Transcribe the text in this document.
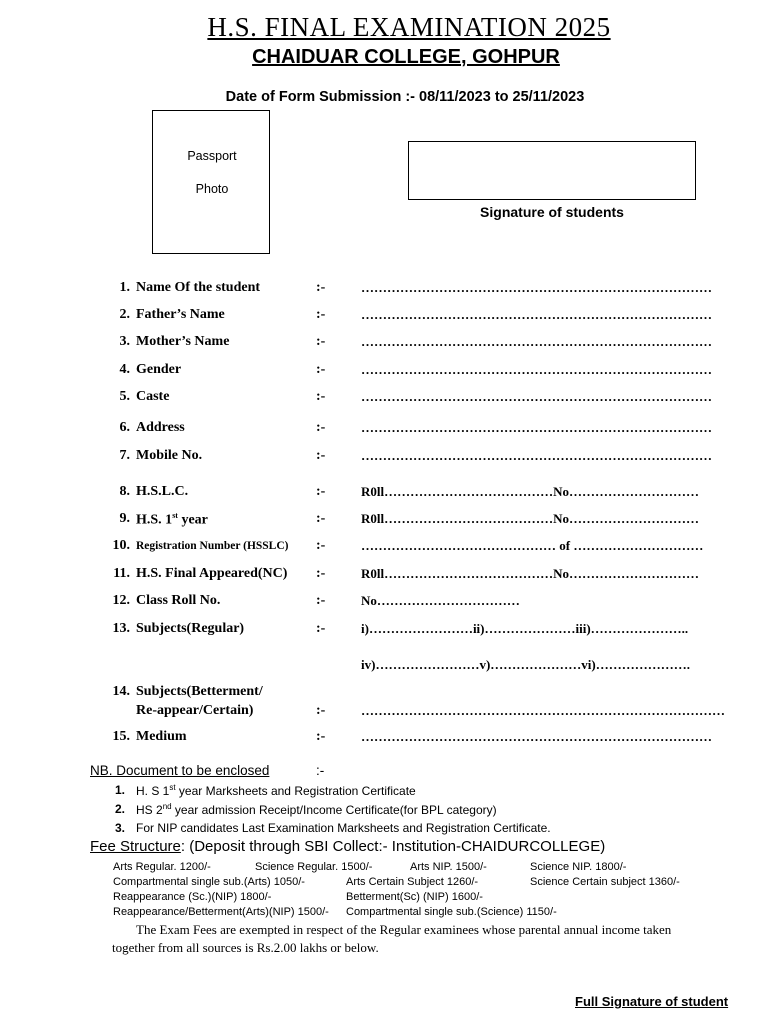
H.S. FINAL EXAMINATION 2025
CHAIDUAR COLLEGE, GOHPUR
Date of Form Submission :- 08/11/2023 to 25/11/2023
Passport
Photo
Signature of students
1. Name Of the student	:-	………………………………………………………………………
2. Father’s Name	:-	………………………………………………………………………
3. Mother’s Name	:-	………………………………………………………………………
4. Gender	:-	………………………………………………………………………
5. Caste	:-	………………………………………………………………………
6. Address	:-	………………………………………………………………………
7. Mobile No.	:-	………………………………………………………………………
8. H.S.L.C.	:-	R0ll…………………………………No…………………………
9. H.S. 1st year	:-	R0ll…………………………………No…………………………
10. Registration Number (HSSLC) :-	……………………………………… of …………………………
11. H.S. Final Appeared(NC) :-	R0ll…………………………………No…………………………
12. Class Roll No.	:-	No……………………………
13. Subjects(Regular)	:-	i)……………………ii)…………………iii)…………………..
iv)……………………v)…………………vi)………………….
14. Subjects(Betterment/
Re-appear/Certain)	:-	…………………………………………………………………………
15. Medium	:-	………………………………………………………………………
NB. Document to be enclosed	:-
1. H. S 1st year Marksheets and Registration Certificate
2. HS 2nd year admission Receipt/Income Certificate(for BPL category)
3. For NIP candidates Last Examination Marksheets and Registration Certificate.
Fee Structure: (Deposit through SBI Collect:- Institution-CHAIDURCOLLEGE)
Arts Regular. 1200/-	Science Regular. 1500/-	Arts NIP. 1500/-	Science NIP. 1800/-
Compartmental single sub.(Arts) 1050/-	Arts Certain Subject 1260/-	Science Certain subject 1360/-
Reappearance (Sc.)(NIP) 1800/-	Betterment(Sc) (NIP) 1600/-
Reappearance/Betterment(Arts)(NIP) 1500/- Compartmental single sub.(Science) 1150/-
The Exam Fees are exempted in respect of the Regular examinees whose parental annual income taken together from all sources is Rs.2.00 lakhs or below.
Full Signature of student
